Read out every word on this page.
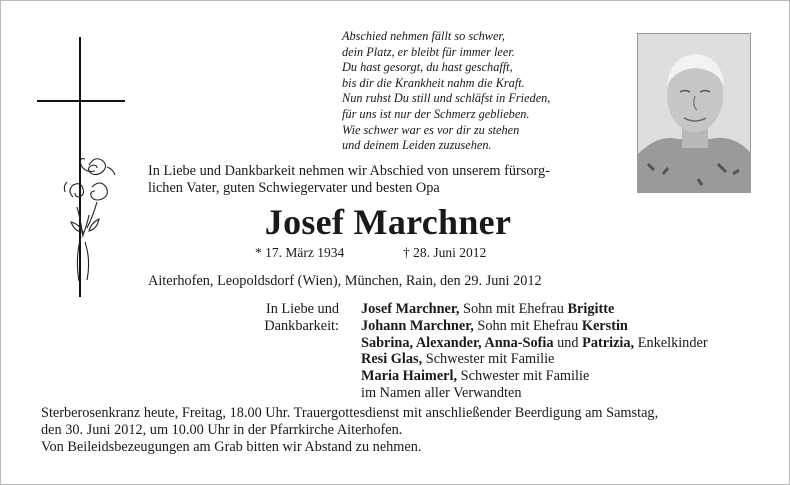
Abschied nehmen fällt so schwer,
dein Platz, er bleibt für immer leer.
Du hast gesorgt, du hast geschafft,
bis dir die Krankheit nahm die Kraft.
Nun ruhst Du still und schläfst in Frieden,
für uns ist nur der Schmerz geblieben.
Wie schwer war es vor dir zu stehen
und deinem Leiden zuzusehen.
In Liebe und Dankbarkeit nehmen wir Abschied von unserem fürsorg-
lichen Vater, guten Schwiegervater und besten Opa
Josef Marchner
* 17. März 1934	† 28. Juni 2012
Aiterhofen, Leopoldsdorf (Wien), München, Rain, den 29. Juni 2012
In Liebe und
Dankbarkeit:
Josef Marchner, Sohn mit Ehefrau Brigitte
Johann Marchner, Sohn mit Ehefrau Kerstin
Sabrina, Alexander, Anna-Sofia und Patrizia, Enkelkinder
Resi Glas, Schwester mit Familie
Maria Haimerl, Schwester mit Familie
im Namen aller Verwandten
Sterberosenkranz heute, Freitag, 18.00 Uhr. Trauergottesdienst mit anschließender Beerdigung am Samstag,
den 30. Juni 2012, um 10.00 Uhr in der Pfarrkirche Aiterhofen.
Von Beileidsbezeugungen am Grab bitten wir Abstand zu nehmen.
